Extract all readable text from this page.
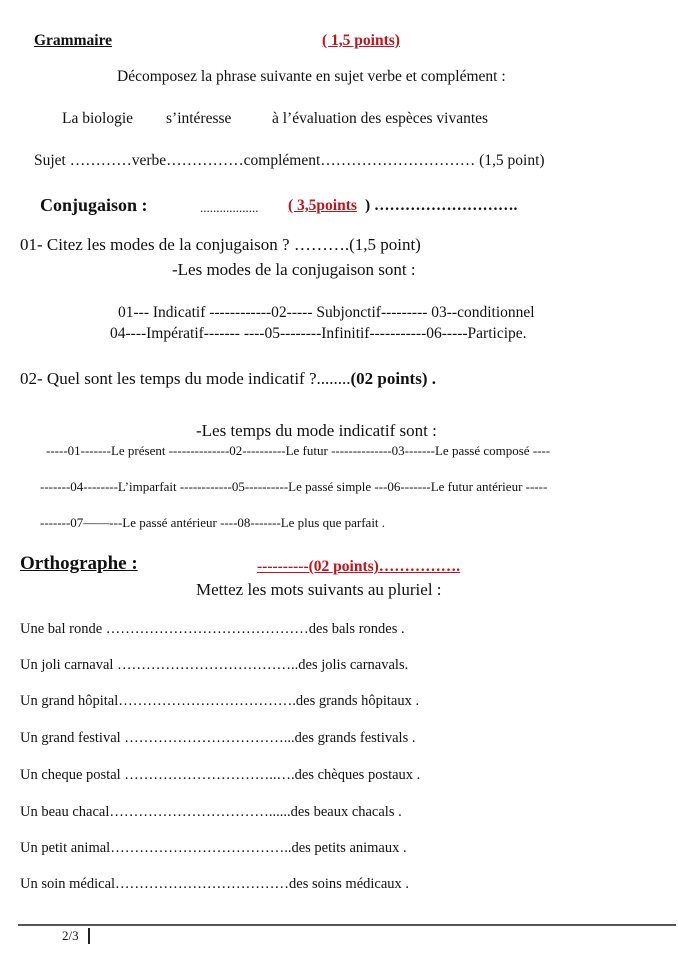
Grammaire	( 1,5 points)
Décomposez la phrase suivante en sujet verbe et complément :
La biologie s’intéresse	à l’évaluation des espèces vivantes
Sujet …………verbe……………complément………………………… (1,5 point)
Conjugaison :	.................. ( 3,5points ) ……………………….
01- Citez les modes de la conjugaison ? ……….(1,5 point)
-Les modes de la conjugaison sont :
01--- Indicatif ------------02----- Subjonctif--------- 03--conditionnel
04----Impératif------- ----05--------Infinitif-----------06-----Participe.
02- Quel sont les temps du mode indicatif ?........(02 points) .
-Les temps du mode indicatif sont :
-----01-------Le présent --------------02----------Le futur --------------03-------Le passé composé ----
-------04--------L’imparfait ------------05----------Le passé simple ---06-------Le futur antérieur -----
-------07——---Le passé antérieur ----08-------Le plus que parfait .
Orthographe :	----------(02 points)…………….
Mettez les mots suivants au pluriel :
Une bal ronde ……………………………………des bals rondes .
Un joli carnaval ………………………………..des jolis carnavals.
Un grand hôpital……………………………….des grands hôpitaux .
Un grand festival ……………………………...des grands festivals .
Un cheque postal …………………………..….des chèques postaux .
Un beau chacal……………………………......des beaux chacals .
Un petit animal………………………………..des petits animaux .
Un soin médical………………………………des soins médicaux .
2/3
